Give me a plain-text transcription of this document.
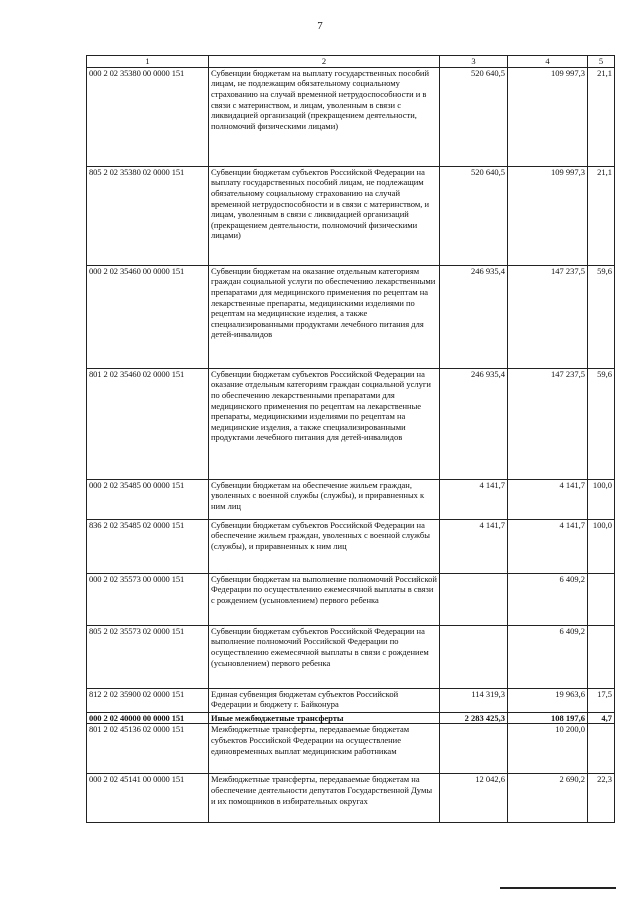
7
1	2	3	4	5
000 2 02 35380 00 0000 151	Субвенции бюджетам на выплату государственных пособий лицам, не подлежащим обязательному социальному страхованию на случай временной нетрудоспособности и в связи с материнством, и лицам, уволенным в связи с ликвидацией организаций (прекращением деятельности, полномочий физическими лицами)	520 640,5	109 997,3	21,1
805 2 02 35380 02 0000 151	Субвенции бюджетам субъектов Российской Федерации на выплату государственных пособий лицам, не подлежащим обязательному социальному страхованию на случай временной нетрудоспособности и в связи с материнством, и лицам, уволенным в связи с ликвидацией организаций (прекращением деятельности, полномочий физическими лицами)	520 640,5	109 997,3	21,1
000 2 02 35460 00 0000 151	Субвенции бюджетам на оказание отдельным категориям граждан социальной услуги по обеспечению лекарственными препаратами для медицинского применения по рецептам на лекарственные препараты, медицинскими изделиями по рецептам на медицинские изделия, а также специализированными продуктами лечебного питания для детей-инвалидов	246 935,4	147 237,5	59,6
801 2 02 35460 02 0000 151	Субвенции бюджетам субъектов Российской Федерации на оказание отдельным категориям граждан социальной услуги по обеспечению лекарственными препаратами для медицинского применения по рецептам на лекарственные препараты, медицинскими изделиями по рецептам на медицинские изделия, а также специализированными продуктами лечебного питания для детей-инвалидов	246 935,4	147 237,5	59,6
000 2 02 35485 00 0000 151	Субвенции бюджетам на обеспечение жильем граждан, уволенных с военной службы (службы), и приравненных к ним лиц	4 141,7	4 141,7	100,0
836 2 02 35485 02 0000 151	Субвенции бюджетам субъектов Российской Федерации на обеспечение жильем граждан, уволенных с военной службы (службы), и приравненных к ним лиц	4 141,7	4 141,7	100,0
000 2 02 35573 00 0000 151	Субвенции бюджетам на выполнение полномочий Российской Федерации по осуществлению ежемесячной выплаты в связи с рождением (усыновлением) первого ребенка		6 409,2	
805 2 02 35573 02 0000 151	Субвенции бюджетам субъектов Российской Федерации на выполнение полномочий Российской Федерации по осуществлению ежемесячной выплаты в связи с рождением (усыновлением) первого ребенка		6 409,2	
812 2 02 35900 02 0000 151	Единая субвенция бюджетам субъектов Российской Федерации и бюджету г. Байконура	114 319,3	19 963,6	17,5
000 2 02 40000 00 0000 151	Иные межбюджетные трансферты	2 283 425,3	108 197,6	4,7
801 2 02 45136 02 0000 151	Межбюджетные трансферты, передаваемые бюджетам субъектов Российской Федерации на осуществление единовременных выплат медицинским работникам		10 200,0	
000 2 02 45141 00 0000 151	Межбюджетные трансферты, передаваемые бюджетам на обеспечение деятельности депутатов Государственной Думы и их помощников в избирательных округах	12 042,6	2 690,2	22,3
